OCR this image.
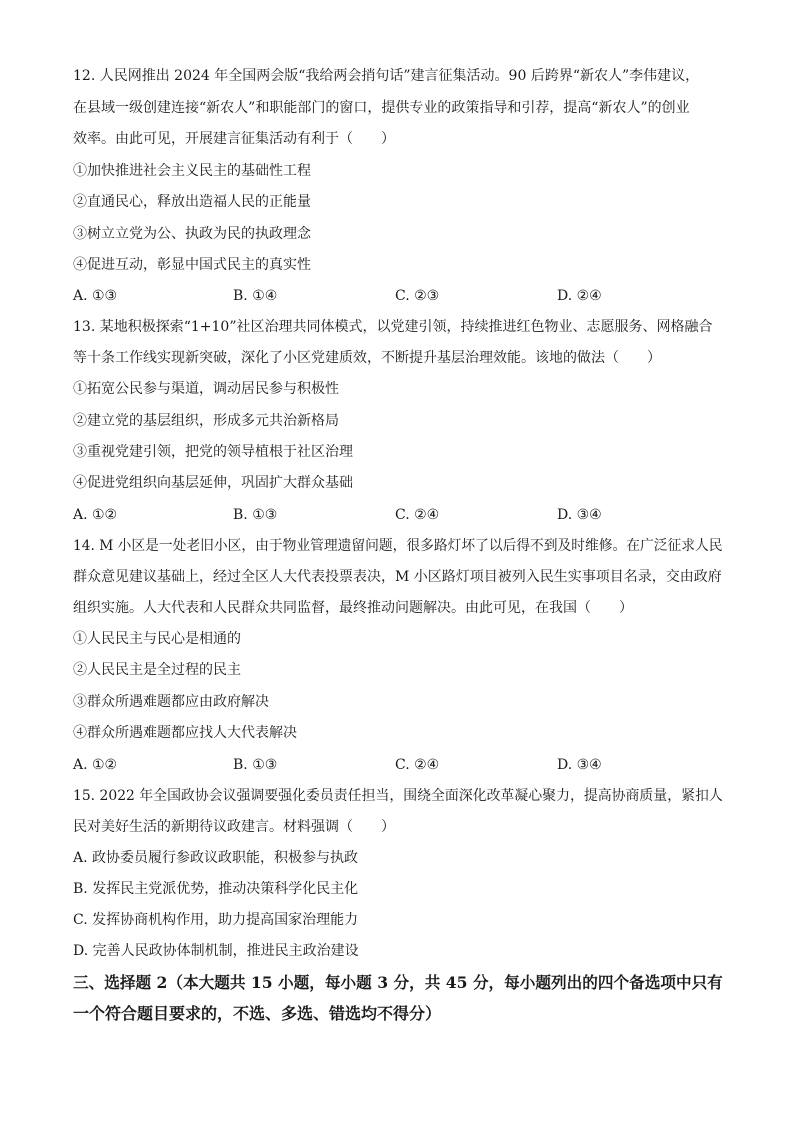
12. 人民网推出 2024 年全国两会版“我给两会捎句话”建言征集活动。90 后跨界“新农人”李伟建议，
在县域一级创建连接“新农人”和职能部门的窗口，提供专业的政策指导和引荐，提高“新农人”的创业
效率。由此可见，开展建言征集活动有利于（　　）
①加快推进社会主义民主的基础性工程
②直通民心，释放出造福人民的正能量
③树立立党为公、执政为民的执政理念
④促进互动，彰显中国式民主的真实性
A. ①③	B. ①④	C. ②③	D. ②④
13. 某地积极探索“1+10”社区治理共同体模式，以党建引领，持续推进红色物业、志愿服务、网格融合
等十条工作线实现新突破，深化了小区党建质效，不断提升基层治理效能。该地的做法（　　）
①拓宽公民参与渠道，调动居民参与积极性
②建立党的基层组织，形成多元共治新格局
③重视党建引领，把党的领导植根于社区治理
④促进党组织向基层延伸，巩固扩大群众基础
A. ①②	B. ①③	C. ②④	D. ③④
14. M 小区是一处老旧小区，由于物业管理遗留问题，很多路灯坏了以后得不到及时维修。在广泛征求人民
群众意见建议基础上，经过全区人大代表投票表决，M 小区路灯项目被列入民生实事项目名录，交由政府
组织实施。人大代表和人民群众共同监督，最终推动问题解决。由此可见，在我国（　　）
①人民民主与民心是相通的
②人民民主是全过程的民主
③群众所遇难题都应由政府解决
④群众所遇难题都应找人大代表解决
A. ①②	B. ①③	C. ②④	D. ③④
15. 2022 年全国政协会议强调要强化委员责任担当，围绕全面深化改革凝心聚力，提高协商质量，紧扣人
民对美好生活的新期待议政建言。材料强调（　　）
A. 政协委员履行参政议政职能，积极参与执政
B. 发挥民主党派优势，推动决策科学化民主化
C. 发挥协商机构作用，助力提高国家治理能力
D. 完善人民政协体制机制，推进民主政治建设
三、选择题 2（本大题共 15 小题，每小题 3 分，共 45 分，每小题列出的四个备选项中只有
一个符合题目要求的，不选、多选、错选均不得分）
